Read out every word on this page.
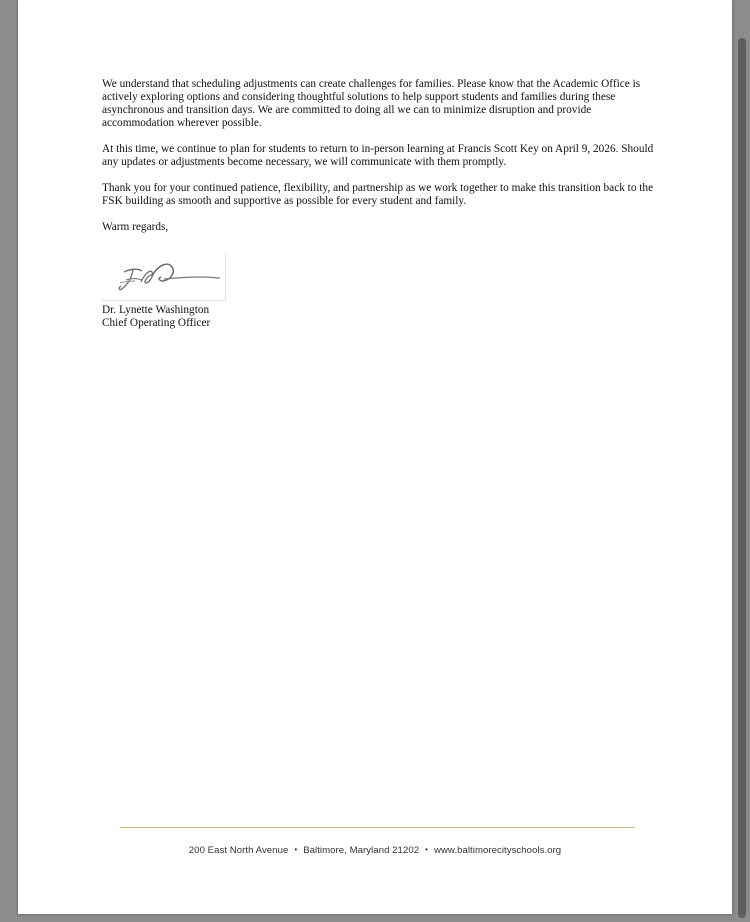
We understand that scheduling adjustments can create challenges for families. Please know that the Academic Office is actively exploring options and considering thoughtful solutions to help support students and families during these asynchronous and transition days. We are committed to doing all we can to minimize disruption and provide accommodation wherever possible.

At this time, we continue to plan for students to return to in-person learning at Francis Scott Key on April 9, 2026. Should any updates or adjustments become necessary, we will communicate with them promptly.

Thank you for your continued patience, flexibility, and partnership as we work together to make this transition back to the FSK building as smooth and supportive as possible for every student and family.

Warm regards,

Dr. Lynette Washington
Chief Operating Officer
200 East North Avenue • Baltimore, Maryland 21202 • www.baltimorecityschools.org
